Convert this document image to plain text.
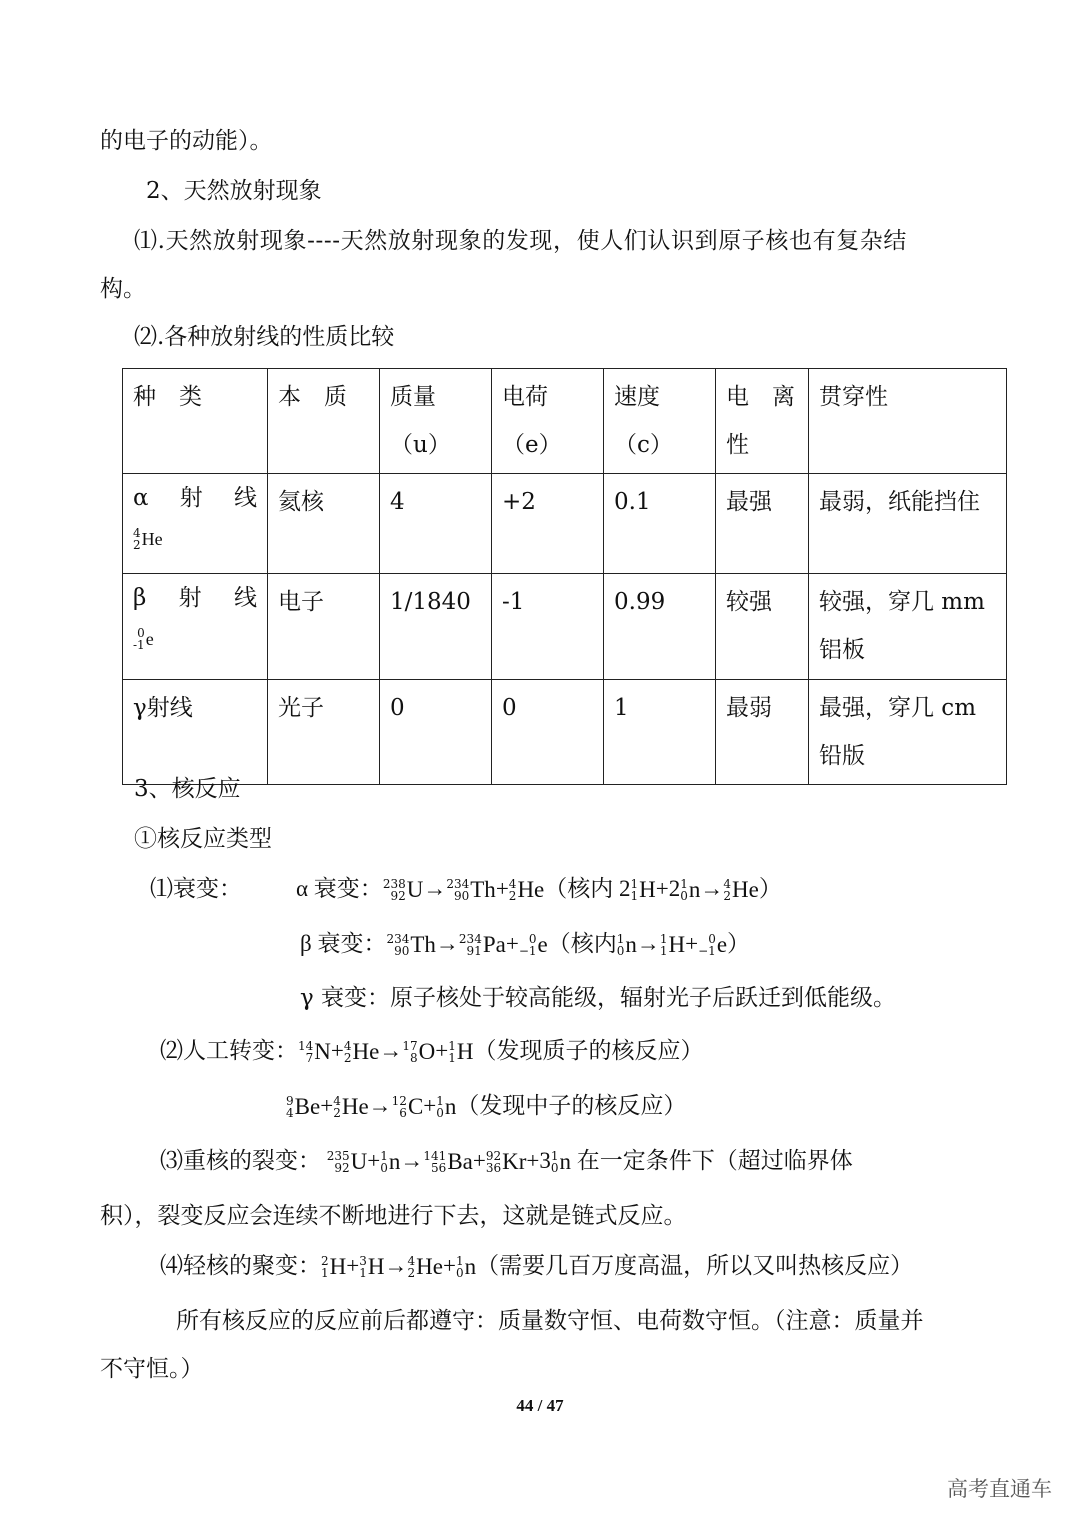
的电子的动能）。
2、天然放射现象
⑴.天然放射现象----天然放射现象的发现，使人们认识到原子核也有复杂结
构。
⑵.各种放射线的性质比较
种　类	本　质	质量（u）	电荷（e）	速度（c）	电　离性	贯穿性

α　射　线
4
2 He	氦核	4	+2	0.1	最强	最弱，纸能挡住

β　射　线
0
-1 e	电子	1/1840	-1	0.99	较强	较强，穿几 mm 铝板

γ射线	光子	0	0	1	最弱	最强，穿几 cm 铅版
3、核反应
①核反应类型
⑴衰变： α 衰变： 238
92 U → 234
90 Th + 4
2 He （核内 2 1
1 H +2 1
0 n → 4
2 He ）
β 衰变： 234
90 Th → 234
91 Pa + 0
−1 e （核内 1
0 n → 1
1 H + 0
−1 e ）
γ 衰变：原子核处于较高能级，辐射光子后跃迁到低能级。
⑵人工转变： 14
7 N + 4
2 He → 17
8 O + 1
1 H （发现质子的核反应）
9
4 Be + 4
2 He → 12
6 C + 1
0 n （发现中子的核反应）
⑶重核的裂变： 235
92 U + 1
0 n → 141
56 Ba + 92
36 Kr +3 1
0 n 在一定条件下（超过临界体
积），裂变反应会连续不断地进行下去，这就是链式反应。
⑷轻核的聚变： 2
1 H + 3
1 H → 4
2 He + 1
0 n （需要几百万度高温，所以又叫热核反应）
所有核反应的反应前后都遵守：质量数守恒、电荷数守恒。（注意：质量并
不守恒。）
44 / 47
高考直通车
